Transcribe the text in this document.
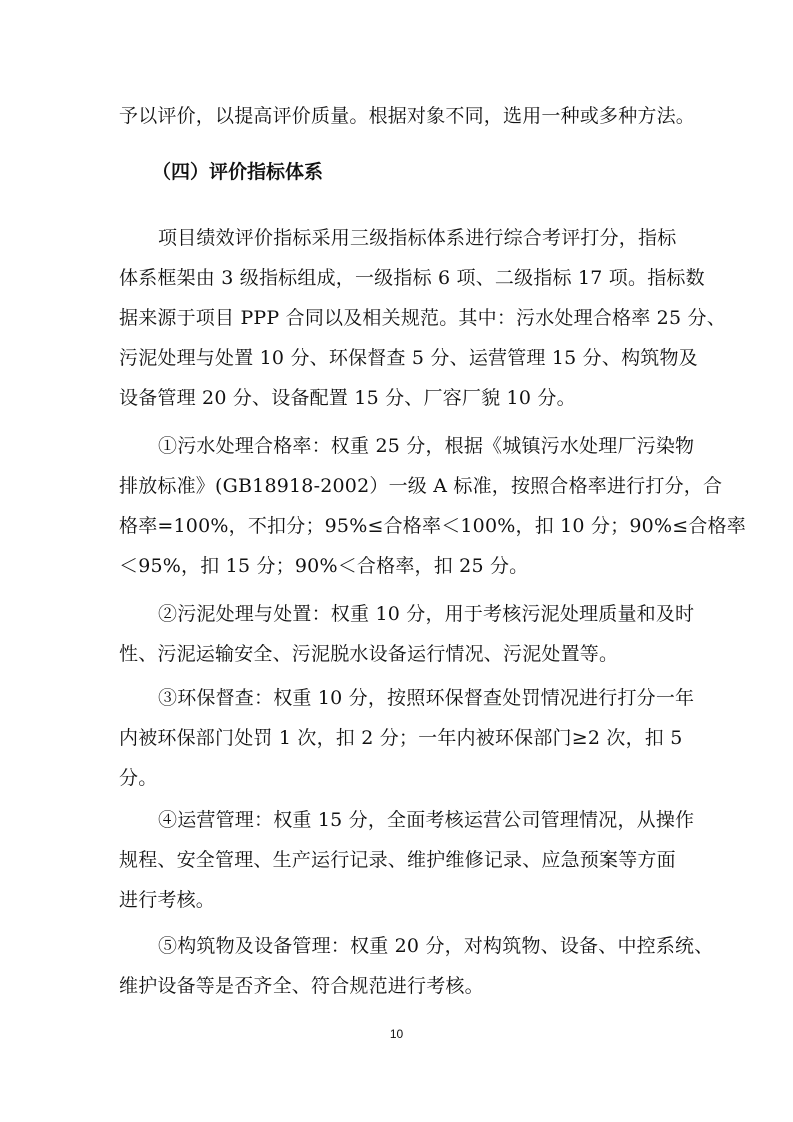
予以评价，以提高评价质量。根据对象不同，选用一种或多种方法。
（四）评价指标体系
项目绩效评价指标采用三级指标体系进行综合考评打分，指标
体系框架由 3 级指标组成，一级指标 6 项、二级指标 17 项。指标数
据来源于项目 PPP 合同以及相关规范。其中：污水处理合格率 25 分、
污泥处理与处置 10 分、环保督查 5 分、运营管理 15 分、构筑物及
设备管理 20 分、设备配置 15 分、厂容厂貌 10 分。
①污水处理合格率：权重 25 分，根据《城镇污水处理厂污染物
排放标准》(GB18918-2002）一级 A 标准，按照合格率进行打分，合
格率=100%，不扣分；95%≤合格率＜100%，扣 10 分；90%≤合格率
＜95%，扣 15 分；90%＜合格率，扣 25 分。
②污泥处理与处置：权重 10 分，用于考核污泥处理质量和及时
性、污泥运输安全、污泥脱水设备运行情况、污泥处置等。
③环保督查：权重 10 分，按照环保督查处罚情况进行打分一年
内被环保部门处罚 1 次，扣 2 分；一年内被环保部门≥2 次，扣 5
分。
④运营管理：权重 15 分，全面考核运营公司管理情况，从操作
规程、安全管理、生产运行记录、维护维修记录、应急预案等方面
进行考核。
⑤构筑物及设备管理：权重 20 分，对构筑物、设备、中控系统、
维护设备等是否齐全、符合规范进行考核。
10
